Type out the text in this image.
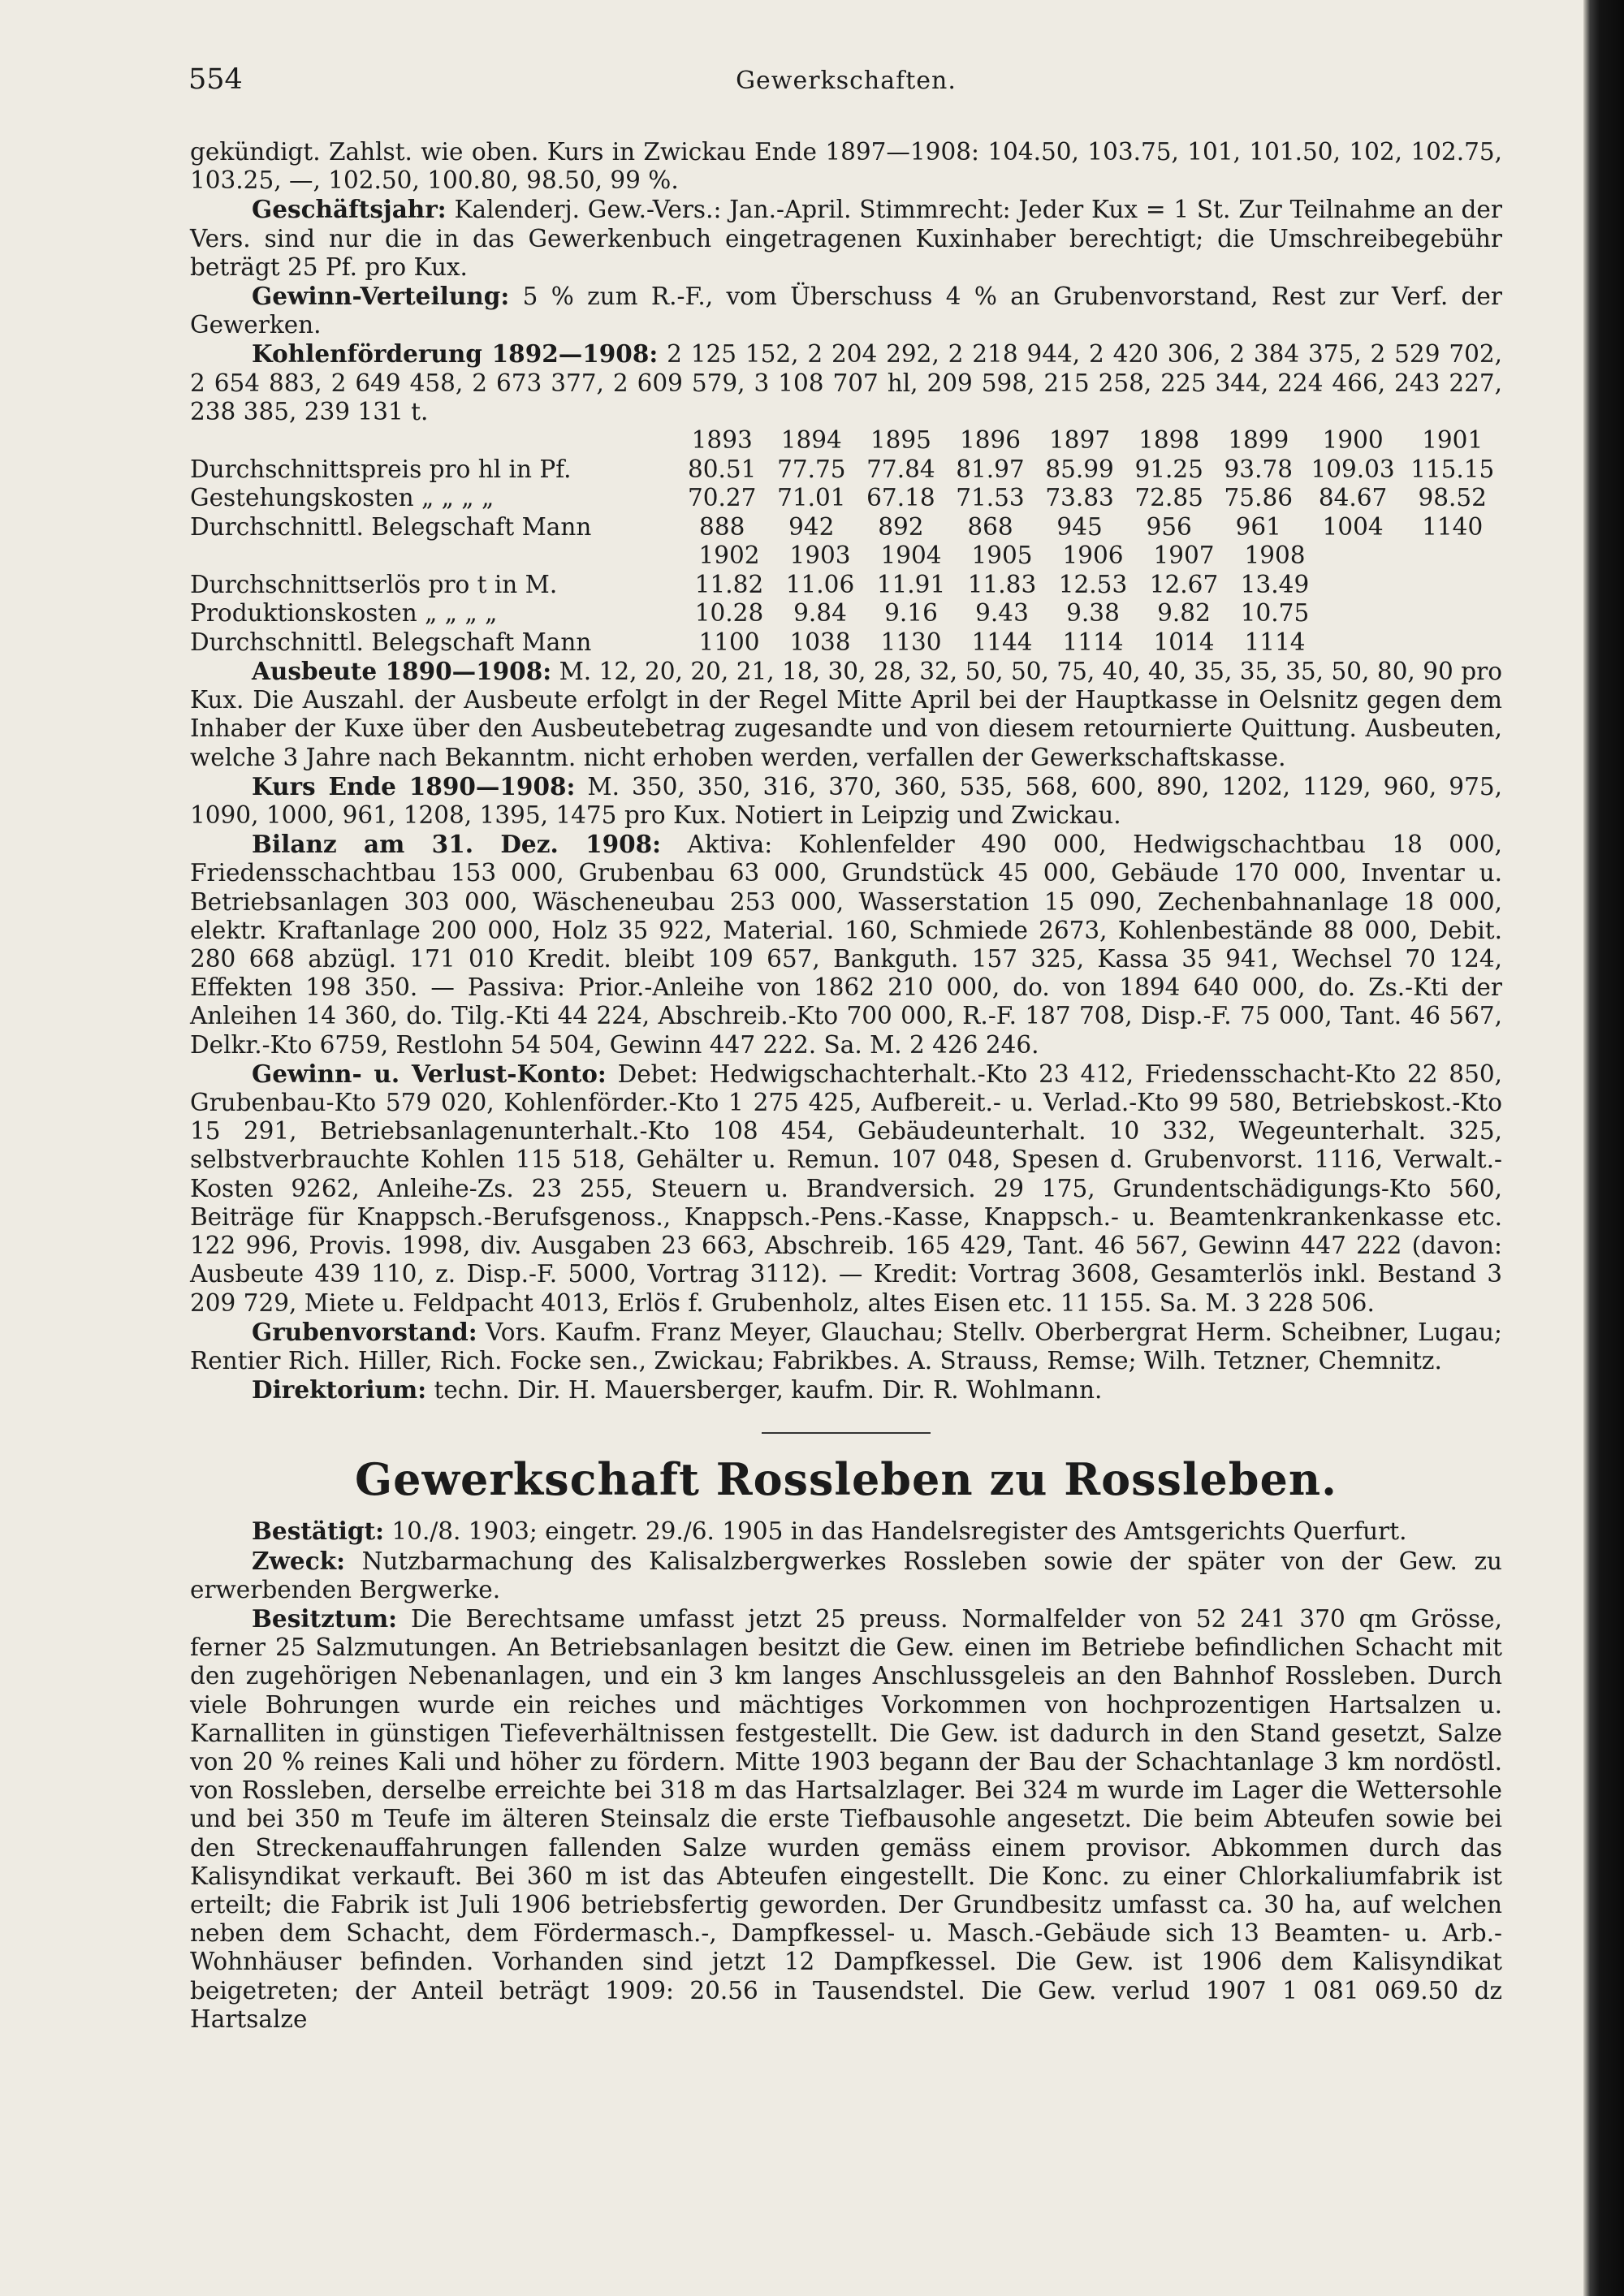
554	Gewerkschaften.

gekündigt. Zahlst. wie oben. Kurs in Zwickau Ende 1897—1908: 104.50, 103.75, 101, 101.50, 102, 102.75, 103.25, —, 102.50, 100.80, 98.50, 99 %.

Geschäftsjahr: Kalenderj. Gew.-Vers.: Jan.-April. Stimmrecht: Jeder Kux = 1 St. Zur Teilnahme an der Vers. sind nur die in das Gewerkenbuch eingetragenen Kuxinhaber berechtigt; die Umschreibegebühr beträgt 25 Pf. pro Kux.

Gewinn-Verteilung: 5 % zum R.-F., vom Überschuss 4 % an Grubenvorstand, Rest zur Verf. der Gewerken.

Kohlenförderung 1892—1908: 2 125 152, 2 204 292, 2 218 944, 2 420 306, 2 384 375, 2 529 702, 2 654 883, 2 649 458, 2 673 377, 2 609 579, 3 108 707 hl, 209 598, 215 258, 225 344, 224 466, 243 227, 238 385, 239 131 t.

	1893	1894	1895	1896	1897	1898	1899	1900	1901
Durchschnittspreis pro hl in Pf.	80.51	77.75	77.84	81.97	85.99	91.25	93.78	109.03	115.15
Gestehungskosten „ „ „ „	70.27	71.01	67.18	71.53	73.83	72.85	75.86	84.67	98.52
Durchschnittl. Belegschaft Mann	888	942	892	868	945	956	961	1004	1140
	1902	1903	1904	1905	1906	1907	1908
Durchschnittserlös pro t in M.	11.82	11.06	11.91	11.83	12.53	12.67	13.49
Produktionskosten „ „ „ „	10.28	9.84	9.16	9.43	9.38	9.82	10.75
Durchschnittl. Belegschaft Mann	1100	1038	1130	1144	1114	1014	1114

Ausbeute 1890—1908: M. 12, 20, 20, 21, 18, 30, 28, 32, 50, 50, 75, 40, 40, 35, 35, 35, 50, 80, 90 pro Kux. Die Auszahl. der Ausbeute erfolgt in der Regel Mitte April bei der Hauptkasse in Oelsnitz gegen dem Inhaber der Kuxe über den Ausbeutebetrag zugesandte und von diesem retournierte Quittung. Ausbeuten, welche 3 Jahre nach Bekanntm. nicht erhoben werden, verfallen der Gewerkschaftskasse.

Kurs Ende 1890—1908: M. 350, 350, 316, 370, 360, 535, 568, 600, 890, 1202, 1129, 960, 975, 1090, 1000, 961, 1208, 1395, 1475 pro Kux. Notiert in Leipzig und Zwickau.

Bilanz am 31. Dez. 1908: Aktiva: Kohlenfelder 490 000, Hedwigschachtbau 18 000, Friedensschachtbau 153 000, Grubenbau 63 000, Grundstück 45 000, Gebäude 170 000, Inventar u. Betriebsanlagen 303 000, Wäscheneubau 253 000, Wasserstation 15 090, Zechenbahnanlage 18 000, elektr. Kraftanlage 200 000, Holz 35 922, Material. 160, Schmiede 2673, Kohlenbestände 88 000, Debit. 280 668 abzügl. 171 010 Kredit. bleibt 109 657, Bankguth. 157 325, Kassa 35 941, Wechsel 70 124, Effekten 198 350. — Passiva: Prior.-Anleihe von 1862 210 000, do. von 1894 640 000, do. Zs.-Kti der Anleihen 14 360, do. Tilg.-Kti 44 224, Abschreib.-Kto 700 000, R.-F. 187 708, Disp.-F. 75 000, Tant. 46 567, Delkr.-Kto 6759, Restlohn 54 504, Gewinn 447 222. Sa. M. 2 426 246.

Gewinn- u. Verlust-Konto: Debet: Hedwigschachterhalt.-Kto 23 412, Friedensschacht-Kto 22 850, Grubenbau-Kto 579 020, Kohlenförder.-Kto 1 275 425, Aufbereit.- u. Verlad.-Kto 99 580, Betriebskost.-Kto 15 291, Betriebsanlagenunterhalt.-Kto 108 454, Gebäudeunterhalt. 10 332, Wegeunterhalt. 325, selbstverbrauchte Kohlen 115 518, Gehälter u. Remun. 107 048, Spesen d. Grubenvorst. 1116, Verwalt.-Kosten 9262, Anleihe-Zs. 23 255, Steuern u. Brandversich. 29 175, Grundentschädigungs-Kto 560, Beiträge für Knappsch.-Berufsgenoss., Knappsch.-Pens.-Kasse, Knappsch.- u. Beamtenkrankenkasse etc. 122 996, Provis. 1998, div. Ausgaben 23 663, Abschreib. 165 429, Tant. 46 567, Gewinn 447 222 (davon: Ausbeute 439 110, z. Disp.-F. 5000, Vortrag 3112). — Kredit: Vortrag 3608, Gesamterlös inkl. Bestand 3 209 729, Miete u. Feldpacht 4013, Erlös f. Grubenholz, altes Eisen etc. 11 155. Sa. M. 3 228 506.

Grubenvorstand: Vors. Kaufm. Franz Meyer, Glauchau; Stellv. Oberbergrat Herm. Scheibner, Lugau; Rentier Rich. Hiller, Rich. Focke sen., Zwickau; Fabrikbes. A. Strauss, Remse; Wilh. Tetzner, Chemnitz.

Direktorium: techn. Dir. H. Mauersberger, kaufm. Dir. R. Wohlmann.

Gewerkschaft Rossleben zu Rossleben.

Bestätigt: 10./8. 1903; eingetr. 29./6. 1905 in das Handelsregister des Amtsgerichts Querfurt.

Zweck: Nutzbarmachung des Kalisalzbergwerkes Rossleben sowie der später von der Gew. zu erwerbenden Bergwerke.

Besitztum: Die Berechtsame umfasst jetzt 25 preuss. Normalfelder von 52 241 370 qm Grösse, ferner 25 Salzmutungen. An Betriebsanlagen besitzt die Gew. einen im Betriebe befindlichen Schacht mit den zugehörigen Nebenanlagen, und ein 3 km langes Anschlussgeleis an den Bahnhof Rossleben. Durch viele Bohrungen wurde ein reiches und mächtiges Vorkommen von hochprozentigen Hartsalzen u. Karnalliten in günstigen Tiefeverhältnissen festgestellt. Die Gew. ist dadurch in den Stand gesetzt, Salze von 20 % reines Kali und höher zu fördern. Mitte 1903 begann der Bau der Schachtanlage 3 km nordöstl. von Rossleben, derselbe erreichte bei 318 m das Hartsalzlager. Bei 324 m wurde im Lager die Wettersohle und bei 350 m Teufe im älteren Steinsalz die erste Tiefbausohle angesetzt. Die beim Abteufen sowie bei den Streckenauffahrungen fallenden Salze wurden gemäss einem provisor. Abkommen durch das Kalisyndikat verkauft. Bei 360 m ist das Abteufen eingestellt. Die Konc. zu einer Chlorkaliumfabrik ist erteilt; die Fabrik ist Juli 1906 betriebsfertig geworden. Der Grundbesitz umfasst ca. 30 ha, auf welchen neben dem Schacht, dem Fördermasch.-, Dampfkessel- u. Masch.-Gebäude sich 13 Beamten- u. Arb.-Wohnhäuser befinden. Vorhanden sind jetzt 12 Dampfkessel. Die Gew. ist 1906 dem Kalisyndikat beigetreten; der Anteil beträgt 1909: 20.56 in Tausendstel. Die Gew. verlud 1907 1 081 069.50 dz Hartsalze
